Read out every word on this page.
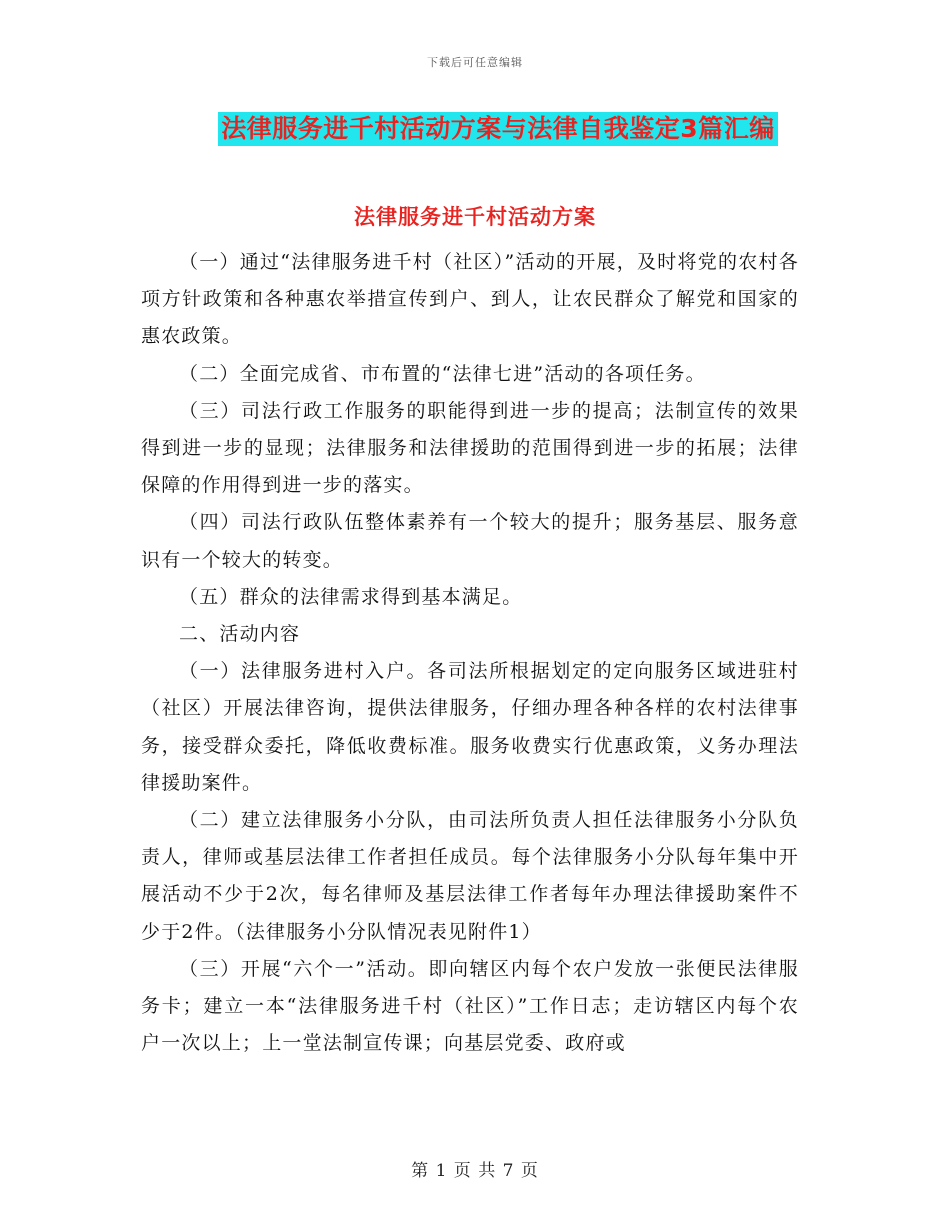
下载后可任意编辑
法律服务进千村活动方案与法律自我鉴定3篇汇编
法律服务进千村活动方案

（一）通过“法律服务进千村（社区）”活动的开展，及时将党的农村各项方针政策和各种惠农举措宣传到户、到人，让农民群众了解党和国家的惠农政策。

（二）全面完成省、市布置的“法律七进”活动的各项任务。

（三）司法行政工作服务的职能得到进一步的提高；法制宣传的效果得到进一步的显现；法律服务和法律援助的范围得到进一步的拓展；法律保障的作用得到进一步的落实。

（四）司法行政队伍整体素养有一个较大的提升；服务基层、服务意识有一个较大的转变。

（五）群众的法律需求得到基本满足。

二、活动内容

（一）法律服务进村入户。各司法所根据划定的定向服务区域进驻村（社区）开展法律咨询，提供法律服务，仔细办理各种各样的农村法律事务，接受群众委托，降低收费标准。服务收费实行优惠政策，义务办理法律援助案件。

（二）建立法律服务小分队，由司法所负责人担任法律服务小分队负责人，律师或基层法律工作者担任成员。每个法律服务小分队每年集中开展活动不少于2次，每名律师及基层法律工作者每年办理法律援助案件不少于2件。（法律服务小分队情况表见附件1）

（三）开展“六个一”活动。即向辖区内每个农户发放一张便民法律服务卡；建立一本“法律服务进千村（社区）”工作日志；走访辖区内每个农户一次以上；上一堂法制宣传课；向基层党委、政府或

第 1 页 共 7 页
